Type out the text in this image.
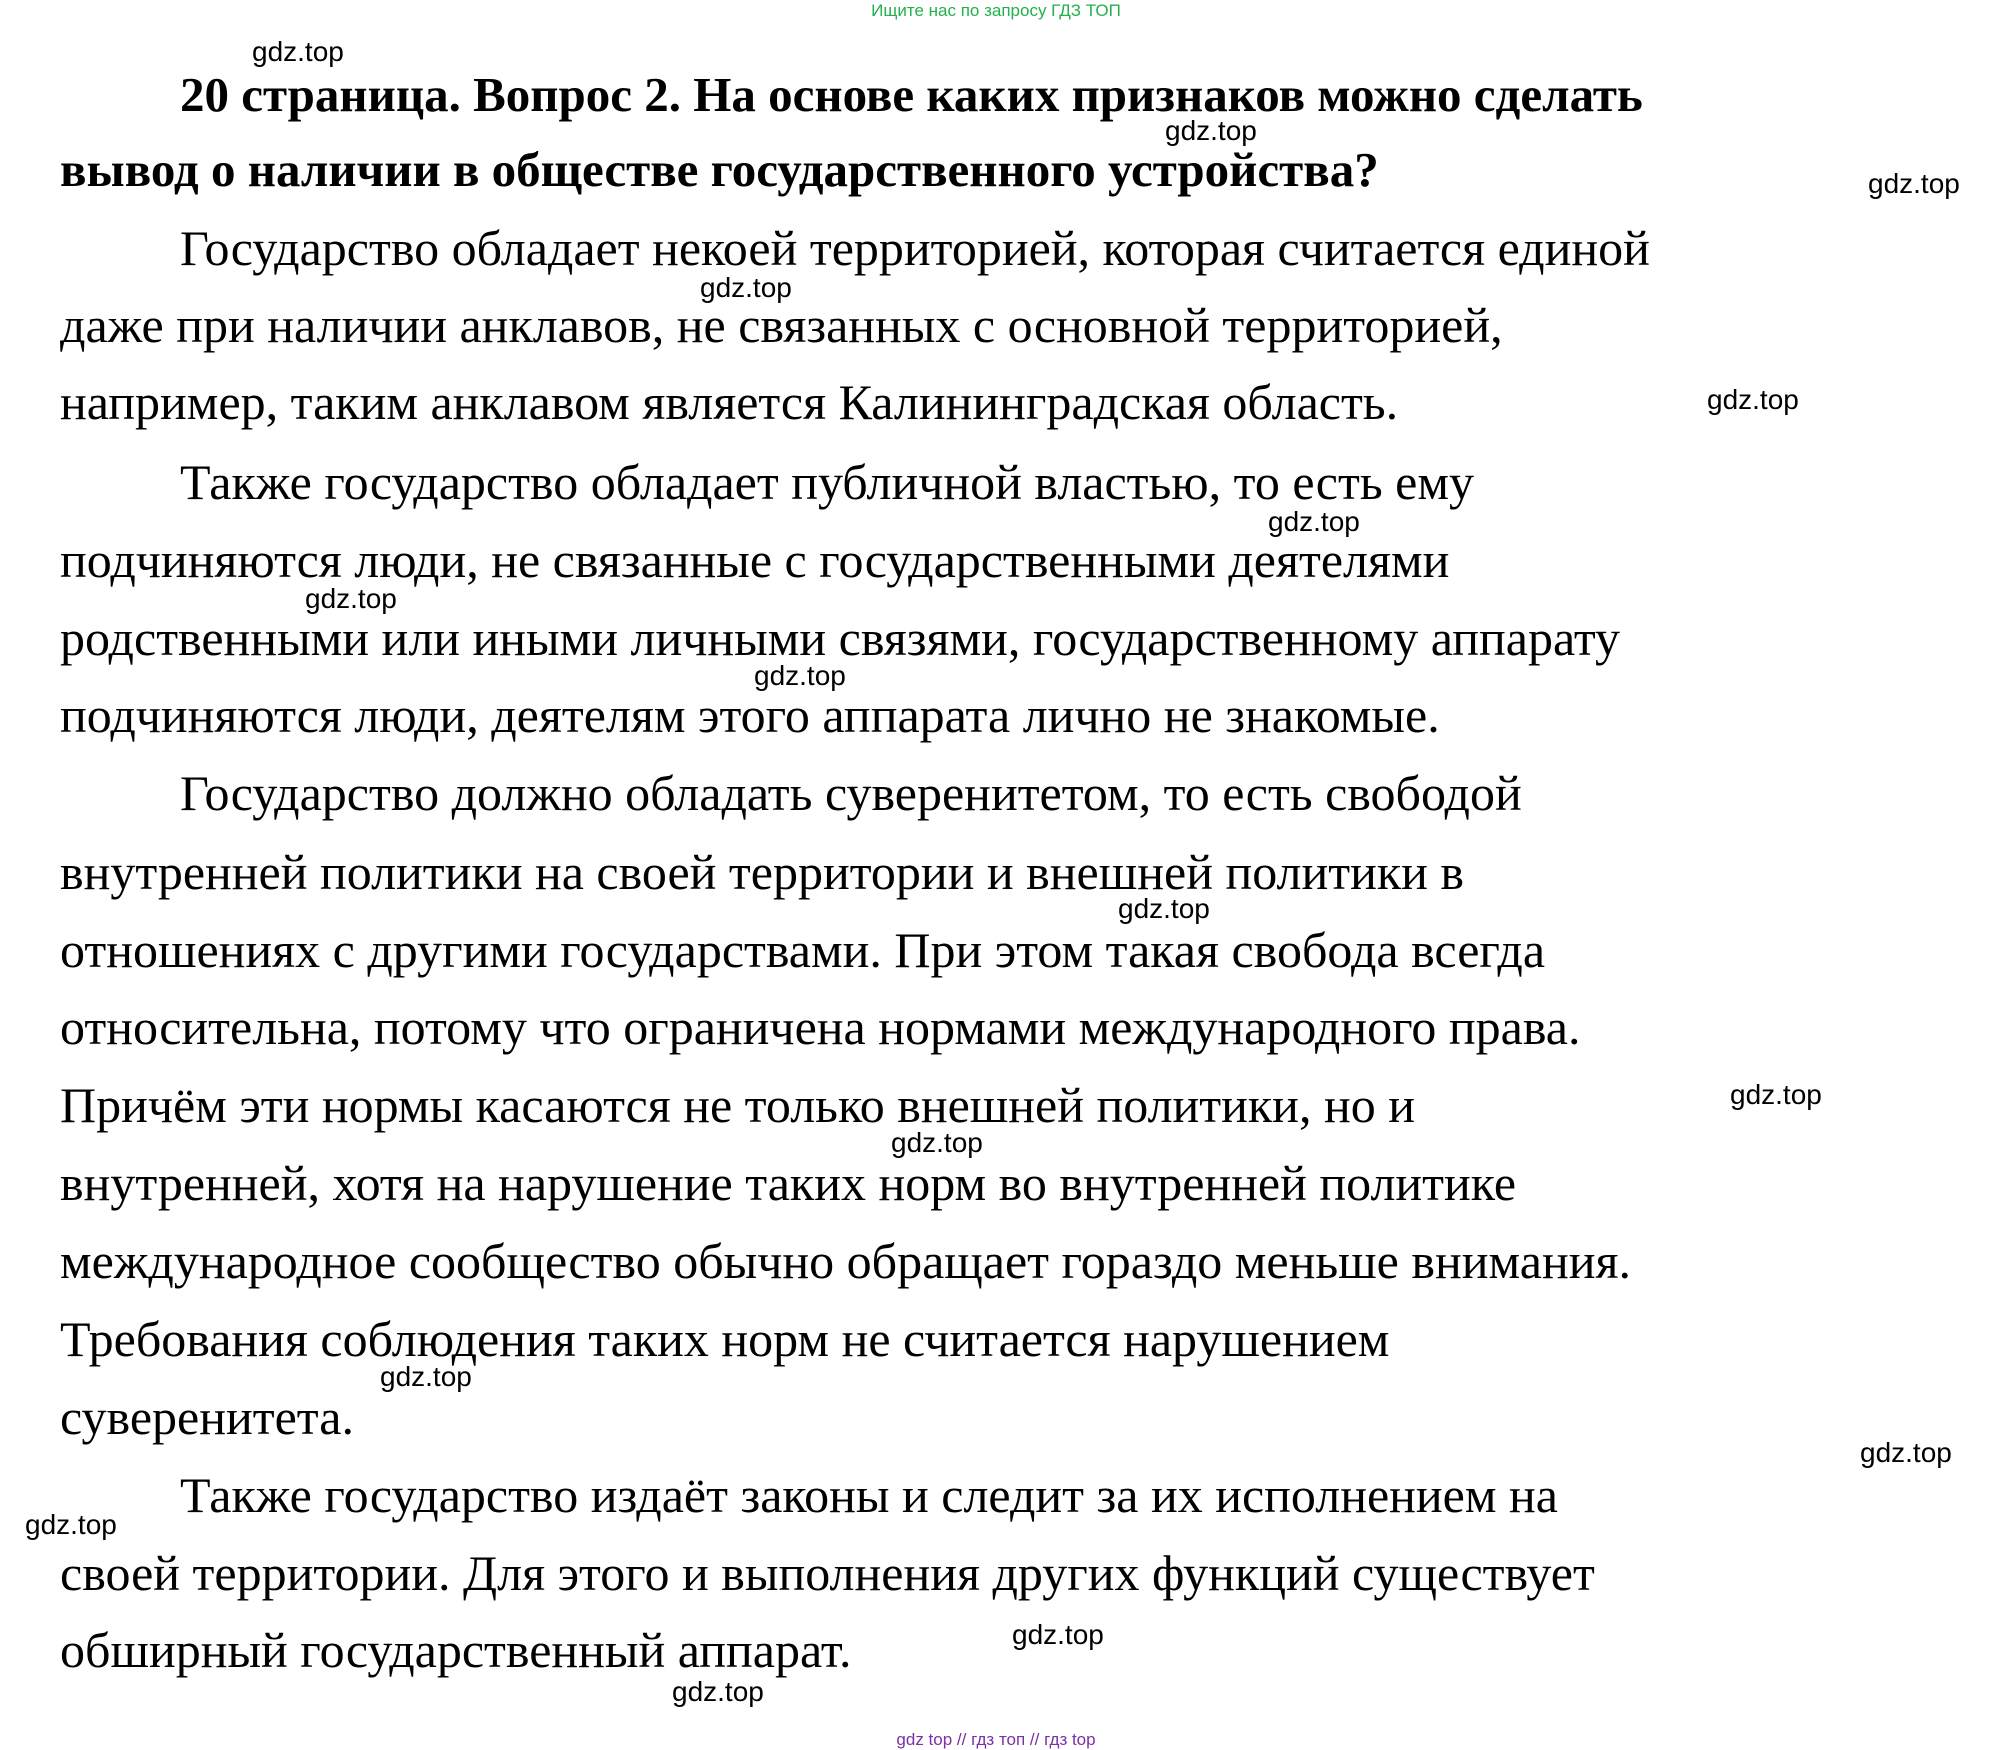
Ищите нас по запросу ГДЗ ТОП
20 страница. Вопрос 2. На основе каких признаков можно сделать
вывод о наличии в обществе государственного устройства?
Государство обладает некоей территорией, которая считается единой
даже при наличии анклавов, не связанных с основной территорией,
например, таким анклавом является Калининградская область.
Также государство обладает публичной властью, то есть ему
подчиняются люди, не связанные с государственными деятелями
родственными или иными личными связями, государственному аппарату
подчиняются люди, деятелям этого аппарата лично не знакомые.
Государство должно обладать суверенитетом, то есть свободой
внутренней политики на своей территории и внешней политики в
отношениях с другими государствами. При этом такая свобода всегда
относительна, потому что ограничена нормами международного права.
Причём эти нормы касаются не только внешней политики, но и
внутренней, хотя на нарушение таких норм во внутренней политике
международное сообщество обычно обращает гораздо меньше внимания.
Требования соблюдения таких норм не считается нарушением
суверенитета.
Также государство издаёт законы и следит за их исполнением на
своей территории. Для этого и выполнения других функций существует
обширный государственный аппарат.
gdz.top
gdz.top
gdz.top
gdz.top
gdz.top
gdz.top
gdz.top
gdz.top
gdz.top
gdz.top
gdz.top
gdz.top
gdz.top
gdz.top
gdz.top
gdz.top
gdz top // гдз топ // гдз top
